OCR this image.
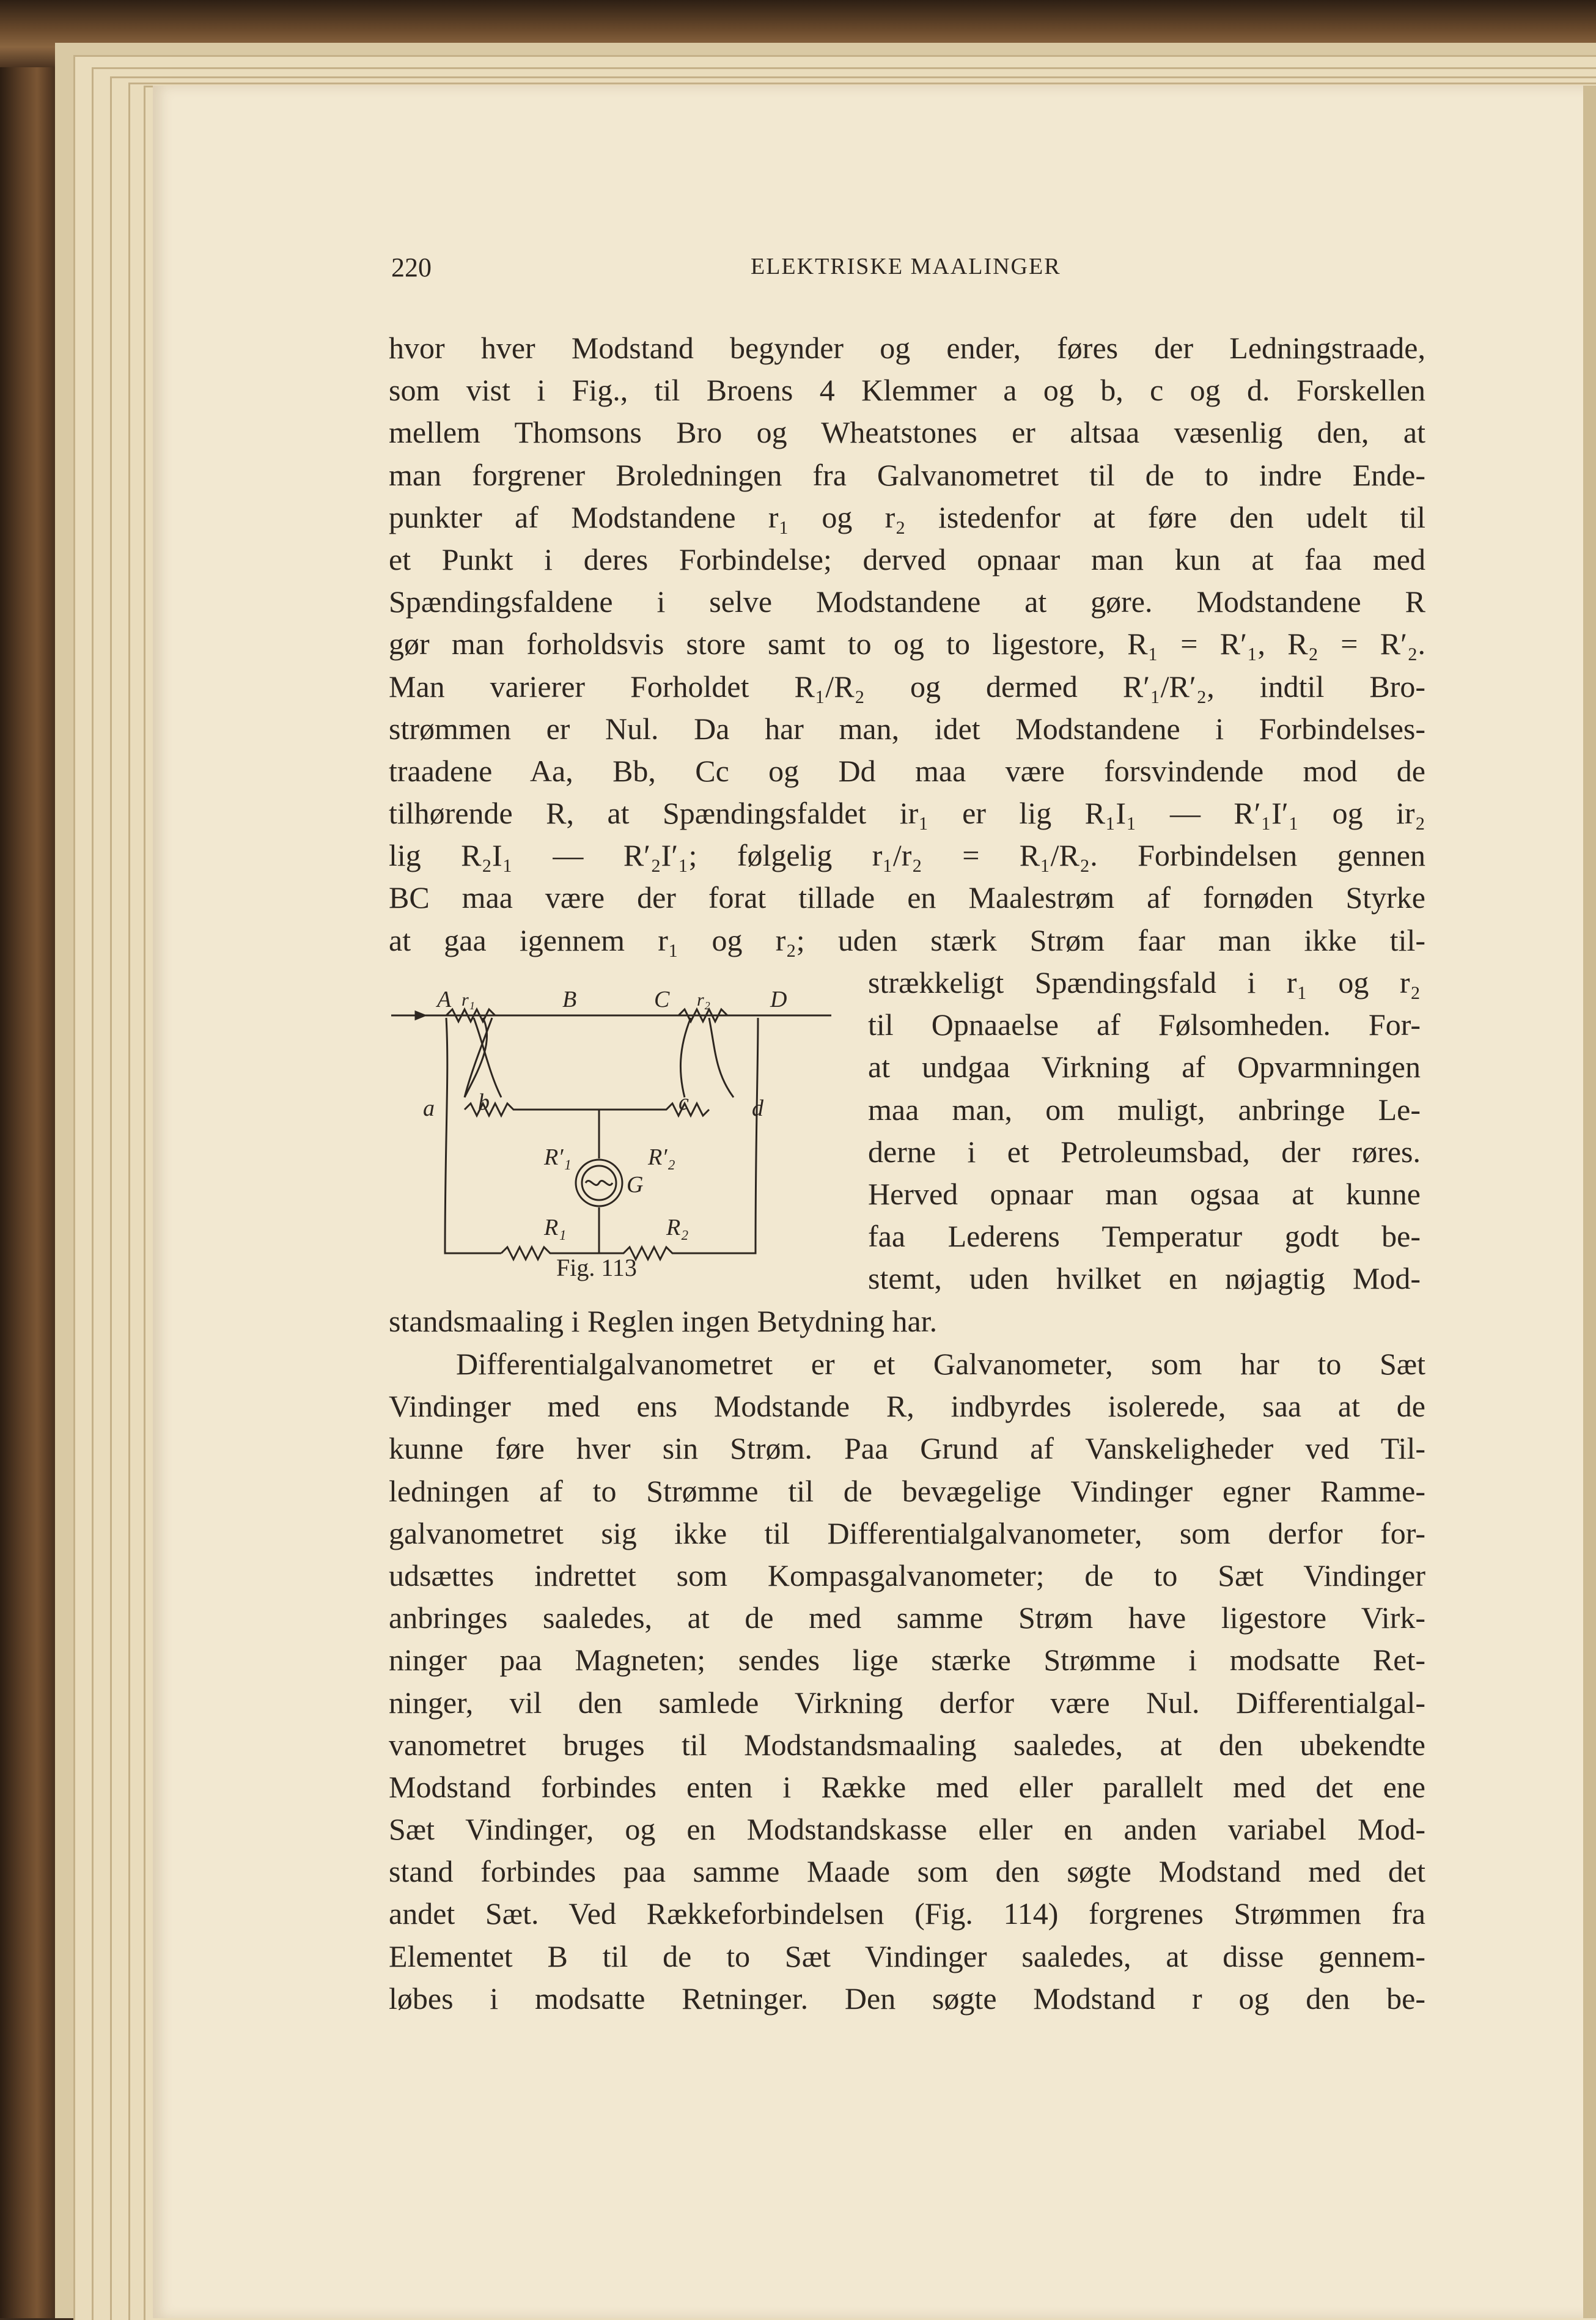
220	ELEKTRISKE MAALINGER
hvor hver Modstand begynder og ender, føres der Ledningstraade,
som vist i Fig., til Broens 4 Klemmer a og b, c og d. Forskellen
mellem Thomsons Bro og Wheatstones er altsaa væsenlig den, at
man forgrener Broledningen fra Galvanometret til de to indre Ende-
punkter af Modstandene r₁ og r₂ istedenfor at føre den udelt til
et Punkt i deres Forbindelse; derved opnaar man kun at faa med
Spændingsfaldene i selve Modstandene at gøre. Modstandene R
gør man forholdsvis store samt to og to ligestore, R₁ = R′₁, R₂ = R′₂.
Man varierer Forholdet R₁/R₂ og dermed R′₁/R′₂, indtil Bro-
strømmen er Nul. Da har man, idet Modstandene i Forbindelses-
traadene Aa, Bb, Cc og Dd maa være forsvindende mod de
tilhørende R, at Spændingsfaldet ir₁ er lig R₁I₁ — R′₁I′₁ og ir₂
lig R₂I₁ — R′₂I′₁; følgelig r₁/r₂ = R₁/R₂. Forbindelsen gennen
BC maa være der forat tillade en Maalestrøm af fornøden Styrke
at gaa igennem r₁ og r₂; uden stærk Strøm faar man ikke til-
strækkeligt Spændingsfald i r₁ og r₂
til Opnaaelse af Følsomheden. For-
at undgaa Virkning af Opvarmningen
maa man, om muligt, anbringe Le-
derne i et Petroleumsbad, der røres.
Herved opnaar man ogsaa at kunne
faa Lederens Temperatur godt be-
stemt, uden hvilket en nøjagtig Mod-
A r₁	B	C r₂	D
a b	c	d
R′₁	R′₂
G
R₁	R₂
Fig. 113
standsmaaling i Reglen ingen Betydning har.
Differentialgalvanometret er et Galvanometer, som har to Sæt
Vindinger med ens Modstande R, indbyrdes isolerede, saa at de
kunne føre hver sin Strøm. Paa Grund af Vanskeligheder ved Til-
ledningen af to Strømme til de bevægelige Vindinger egner Ramme-
galvanometret sig ikke til Differentialgalvanometer, som derfor for-
udsættes indrettet som Kompasgalvanometer; de to Sæt Vindinger
anbringes saaledes, at de med samme Strøm have ligestore Virk-
ninger paa Magneten; sendes lige stærke Strømme i modsatte Ret-
ninger, vil den samlede Virkning derfor være Nul. Differentialgal-
vanometret bruges til Modstandsmaaling saaledes, at den ubekendte
Modstand forbindes enten i Række med eller parallelt med det ene
Sæt Vindinger, og en Modstandskasse eller en anden variabel Mod-
stand forbindes paa samme Maade som den søgte Modstand med det
andet Sæt. Ved Rækkeforbindelsen (Fig. 114) forgrenes Strømmen fra
Elementet B til de to Sæt Vindinger saaledes, at disse gennem-
løbes i modsatte Retninger. Den søgte Modstand r og den be-
